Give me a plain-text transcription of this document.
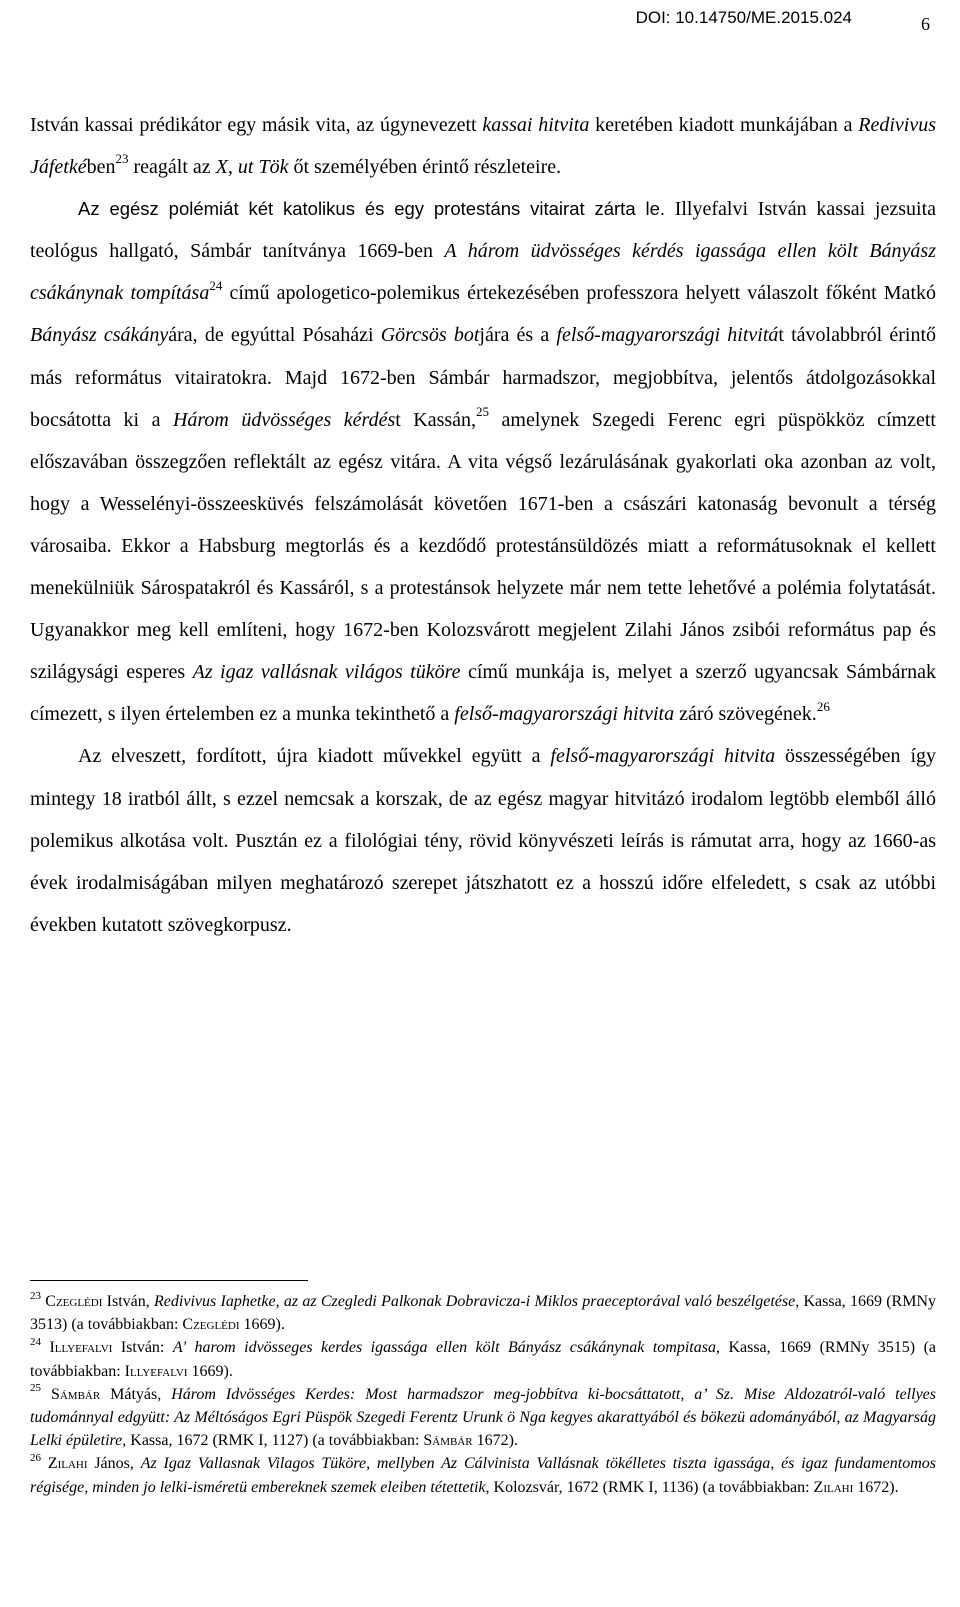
DOI: 10.14750/ME.2015.024	6

István kassai prédikátor egy másik vita, az úgynevezett kassai hitvita keretében kiadott munkájában a Redivivus Jáfetkében$^{23}$ reagált az X, ut Tök őt személyében érintő részleteire.
Az egész polémiát két katolikus és egy protestáns vitairat zárta le. Illyefalvi István kassai jezsuita teológus hallgató, Sámbár tanítványa 1669-ben A három üdvösséges kérdés igassága ellen költ Bányász csákánynak tompítása$^{24}$ című apologetico-polemikus értekezésében professzora helyett válaszolt főként Matkó Bányász csákányára, de egyúttal Pósaházi Görcsös botjára és a felső-magyarországi hitvitát távolabbról érintő más református vitairatokra. Majd 1672-ben Sámbár harmadszor, megjobbítva, jelentős átdolgozásokkal bocsátotta ki a Három üdvösséges kérdést Kassán,$^{25}$ amelynek Szegedi Ferenc egri püspökköz címzett előszavában összegzően reflektált az egész vitára. A vita végső lezárulásának gyakorlati oka azonban az volt, hogy a Wesselényi-összeesküvés felszámolását követően 1671-ben a császári katonaság bevonult a térség városaiba. Ekkor a Habsburg megtorlás és a kezdődő protestánsüldözés miatt a reformátusoknak el kellett menekülniük Sárospatakról és Kassáról, s a protestánsok helyzete már nem tette lehetővé a polémia folytatását. Ugyanakkor meg kell említeni, hogy 1672-ben Kolozsvárott megjelent Zilahi János zsibói református pap és szilágysági esperes Az igaz vallásnak világos tüköre című munkája is, melyet a szerző ugyancsak Sámbárnak címezett, s ilyen értelemben ez a munka tekinthető a felső-magyarországi hitvita záró szövegének.$^{26}$

Az elveszett, fordított, újra kiadott művekkel együtt a felső-magyarországi hitvita összességében így mintegy 18 iratból állt, s ezzel nemcsak a korszak, de az egész magyar hitvitázó irodalom legtöbb elemből álló polemikus alkotása volt. Pusztán ez a filológiai tény, rövid könyvészeti leírás is rámutat arra, hogy az 1660-as évek irodalmiságában milyen meghatározó szerepet játszhatott ez a hosszú időre elfeledett, s csak az utóbbi években kutatott szövegkorpusz.

$^{23}$ Czeglédi István, Redivivus Iaphetke, az az Czegledi Palkonak Dobravicza-i Miklos praeceptorával való beszélgetése, Kassa, 1669 (RMNy 3513) (a továbbiakban: Czeglédi 1669).

$^{24}$ Illyefalvi István: A' harom idvösseges kerdes igassága ellen költ Bányász csákánynak tompitasa, Kassa, 1669 (RMNy 3515) (a továbbiakban: Illyefalvi 1669).

$^{25}$ Sámbár Mátyás, Három Idvösséges Kerdes: Most harmadszor meg-jobbítva ki-bocsáttatott, a’ Sz. Mise Aldozatról-való tellyes tudománnyal edgyütt: Az Méltóságos Egri Püspök Szegedi Ferentz Urunk ö Nga kegyes akarattyából és bökezü adományából, az Magyarság Lelki épületire, Kassa, 1672 (RMK I, 1127) (a továbbiakban: Sámbár 1672).

$^{26}$ Zilahi János, Az Igaz Vallasnak Vilagos Tüköre, mellyben Az Cálvinista Vallásnak tökélletes tiszta igassága, és igaz fundamentomos régisége, minden jo lelki-isméretü embereknek szemek eleiben tétettetik, Kolozsvár, 1672 (RMK I, 1136) (a továbbiakban: Zilahi 1672).
